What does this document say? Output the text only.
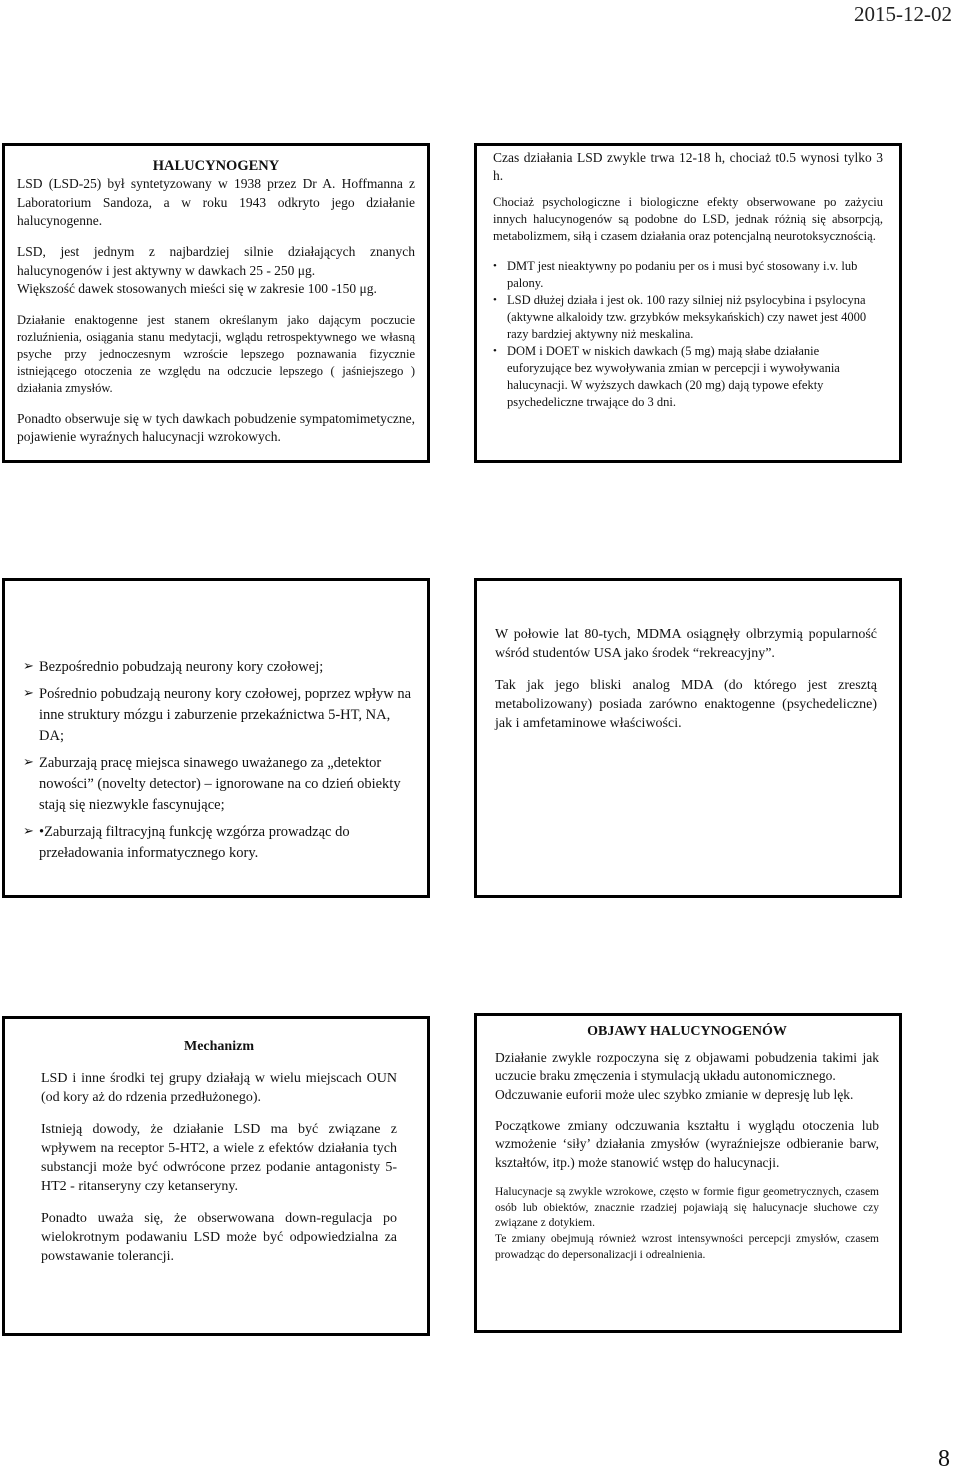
2015-12-02

HALUCYNOGENY

LSD (LSD-25) był syntetyzowany w 1938 przez Dr A. Hoffmanna z Laboratorium Sandoza, a w roku 1943 odkryto jego działanie halucynogenne.

LSD, jest jednym z najbardziej silnie działających znanych halucynogenów i jest aktywny w dawkach 25 - 250 μg.

Większość dawek stosowanych mieści się w zakresie 100 -150 μg.

Działanie enaktogenne jest stanem określanym jako dającym poczucie rozluźnienia, osiągania stanu medytacji, wglądu retrospektywnego we własną psyche przy jednoczesnym wzroście lepszego poznawania fizycznie istniejącego otoczenia ze względu na odczucie lepszego ( jaśniejszego ) działania zmysłów.

Ponadto obserwuje się w tych dawkach pobudzenie sympatomimetyczne, pojawienie wyraźnych halucynacji wzrokowych.

Czas działania LSD zwykle trwa 12-18 h, chociaż t0.5 wynosi tylko 3 h.

Chociaż psychologiczne i biologiczne efekty obserwowane po zażyciu innych halucynogenów są podobne do LSD, jednak różnią się absorpcją, metabolizmem, siłą i czasem działania oraz potencjalną neurotoksycznością.

• DMT jest nieaktywny po podaniu per os i musi być stosowany i.v. lub palony.

• LSD dłużej działa i jest ok. 100 razy silniej niż psylocybina i psylocyna (aktywne alkaloidy tzw. grzybków meksykańskich) czy nawet jest 4000 razy bardziej aktywny niż meskalina.

• DOM i DOET w niskich dawkach (5 mg) mają słabe działanie euforyzujące bez wywoływania zmian w percepcji i wywoływania halucynacji. W wyższych dawkach (20 mg) dają typowe efekty psychedeliczne trwające do 3 dni.

➢ Bezpośrednio pobudzają neurony kory czołowej;
➢ Pośrednio pobudzają neurony kory czołowej, poprzez wpływ na inne struktury mózgu i zaburzenie przekaźnictwa 5-HT, NA, DA;
➢ Zaburzają pracę miejsca sinawego uważanego za „detektor nowości” (novelty detector) – ignorowane na co dzień obiekty stają się niezwykle fascynujące;
➢ •Zaburzają filtracyjną funkcję wzgórza prowadząc do przeładowania informatycznego kory.

W połowie lat 80-tych, MDMA osiągnęły olbrzymią popularność wśród studentów USA jako środek “rekreacyjny”.

Tak jak jego bliski analog MDA (do którego jest zresztą metabolizowany) posiada zarówno enaktogenne (psychedeliczne) jak i amfetaminowe właściwości.

Mechanizm

LSD i inne środki tej grupy działają w wielu miejscach OUN (od kory aż do rdzenia przedłużonego).

Istnieją dowody, że działanie LSD ma być związane z wpływem na receptor 5-HT2, a wiele z efektów działania tych substancji może być odwrócone przez podanie antagonisty 5-HT2 - ritanseryny czy ketanseryny.

Ponadto uważa się, że obserwowana down-regulacja po wielokrotnym podawaniu LSD może być odpowiedzialna za powstawanie tolerancji.

OBJAWY HALUCYNOGENÓW

Działanie zwykle rozpoczyna się z objawami pobudzenia takimi jak uczucie braku zmęczenia i stymulacją układu autonomicznego.

Odczuwanie euforii może ulec szybko zmianie w depresję lub lęk.

Początkowe zmiany odczuwania kształtu i wyglądu otoczenia lub wzmożenie ‘siły’ działania zmysłów (wyraźniejsze odbieranie barw, kształtów, itp.) może stanowić wstęp do halucynacji.

Halucynacje są zwykle wzrokowe, często w formie figur geometrycznych, czasem osób lub obiektów, znacznie rzadziej pojawiają się halucynacje słuchowe czy związane z dotykiem.

Te zmiany obejmują również wzrost intensywności percepcji zmysłów, czasem prowadząc do depersonalizacji i odrealnienia.

8
